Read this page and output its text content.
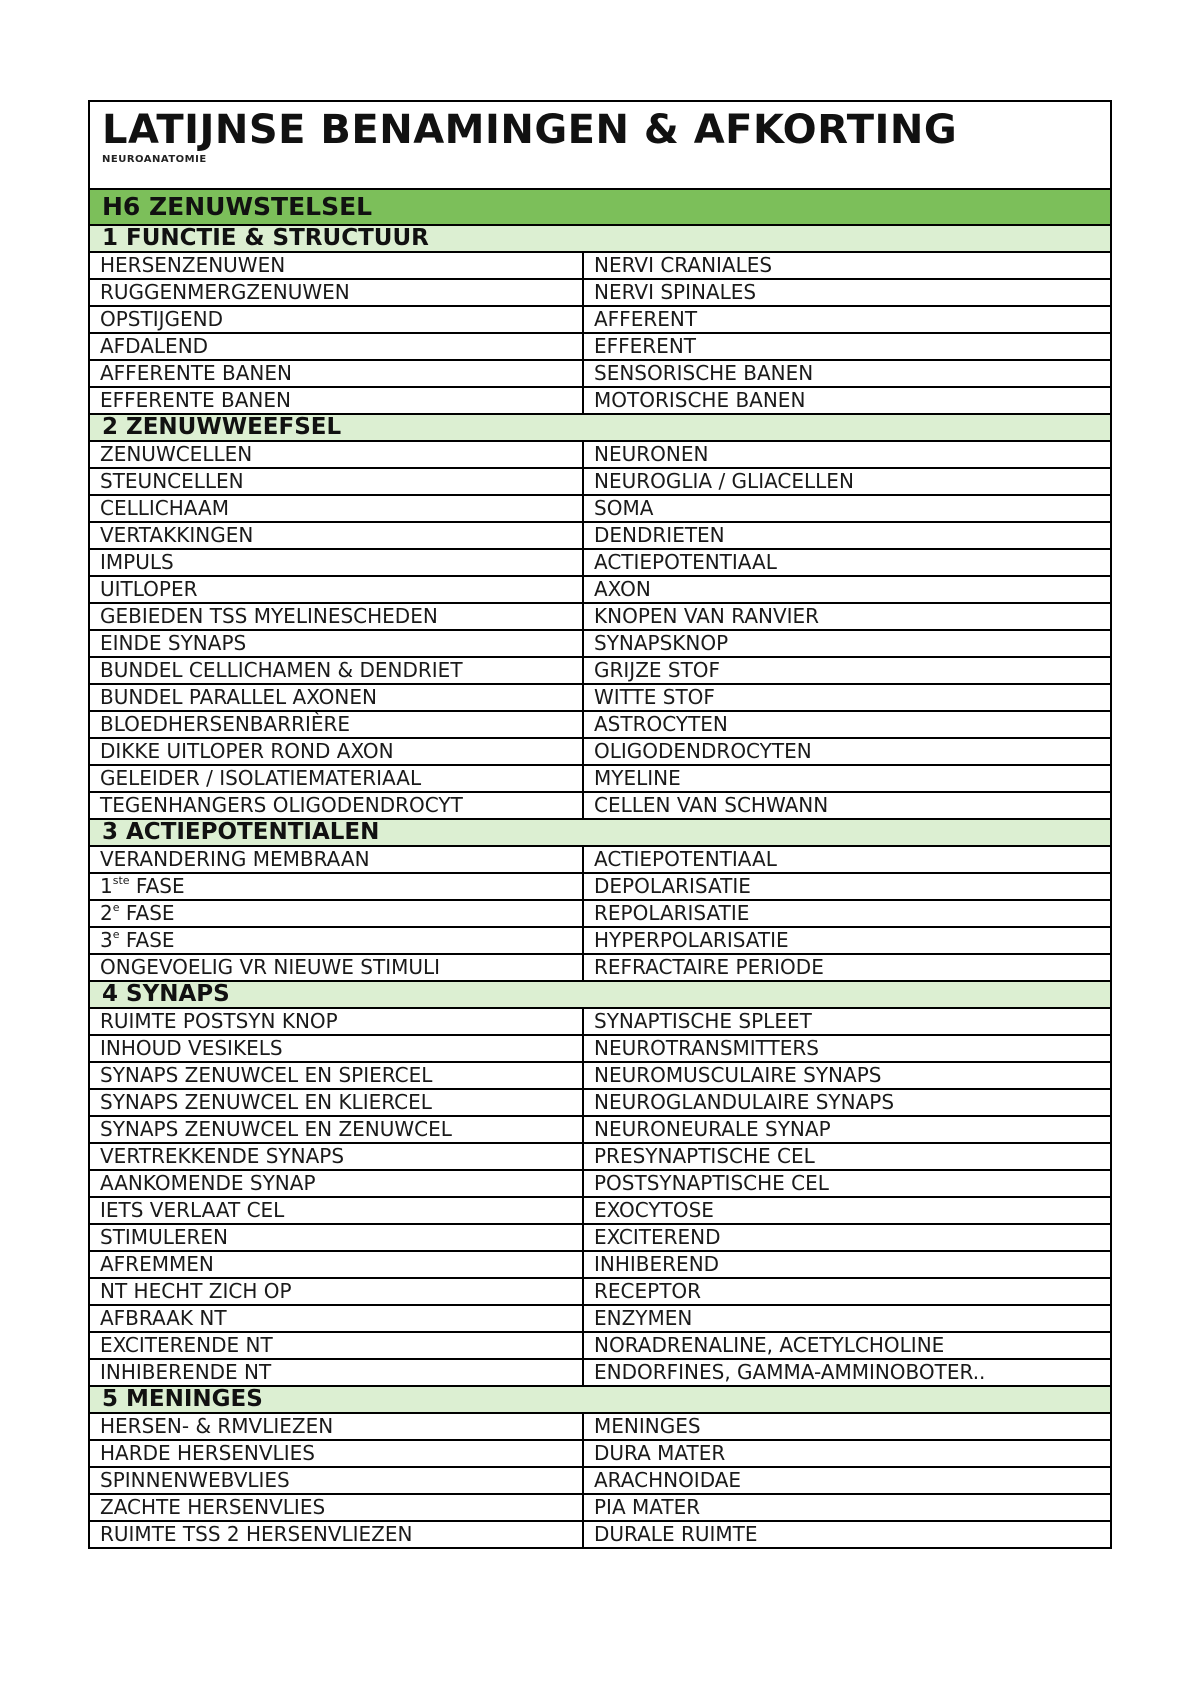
LATIJNSE BENAMINGEN & AFKORTING
NEUROANATOMIE
H6 ZENUWSTELSEL
1 FUNCTIE & STRUCTUUR
HERSENZENUWEN	NERVI CRANIALES
RUGGENMERGZENUWEN	NERVI SPINALES
OPSTIJGEND	AFFERENT
AFDALEND	EFFERENT
AFFERENTE BANEN	SENSORISCHE BANEN
EFFERENTE BANEN	MOTORISCHE BANEN
2 ZENUWWEEFSEL
ZENUWCELLEN	NEURONEN
STEUNCELLEN	NEUROGLIA / GLIACELLEN
CELLICHAAM	SOMA
VERTAKKINGEN	DENDRIETEN
IMPULS	ACTIEPOTENTIAAL
UITLOPER	AXON
GEBIEDEN TSS MYELINESCHEDEN	KNOPEN VAN RANVIER
EINDE SYNAPS	SYNAPSKNOP
BUNDEL CELLICHAMEN & DENDRIET	GRIJZE STOF
BUNDEL PARALLEL AXONEN	WITTE STOF
BLOEDHERSENBARRIÈRE	ASTROCYTEN
DIKKE UITLOPER ROND AXON	OLIGODENDROCYTEN
GELEIDER / ISOLATIEMATERIAAL	MYELINE
TEGENHANGERS OLIGODENDROCYT	CELLEN VAN SCHWANN
3 ACTIEPOTENTIALEN
VERANDERING MEMBRAAN	ACTIEPOTENTIAAL
1ste FASE	DEPOLARISATIE
2e FASE	REPOLARISATIE
3e FASE	HYPERPOLARISATIE
ONGEVOELIG VR NIEUWE STIMULI	REFRACTAIRE PERIODE
4 SYNAPS
RUIMTE POSTSYN KNOP	SYNAPTISCHE SPLEET
INHOUD VESIKELS	NEUROTRANSMITTERS
SYNAPS ZENUWCEL EN SPIERCEL	NEUROMUSCULAIRE SYNAPS
SYNAPS ZENUWCEL EN KLIERCEL	NEUROGLANDULAIRE SYNAPS
SYNAPS ZENUWCEL EN ZENUWCEL	NEURONEURALE SYNAP
VERTREKKENDE SYNAPS	PRESYNAPTISCHE CEL
AANKOMENDE SYNAP	POSTSYNAPTISCHE CEL
IETS VERLAAT CEL	EXOCYTOSE
STIMULEREN	EXCITEREND
AFREMMEN	INHIBEREND
NT HECHT ZICH OP	RECEPTOR
AFBRAAK NT	ENZYMEN
EXCITERENDE NT	NORADRENALINE, ACETYLCHOLINE
INHIBERENDE NT	ENDORFINES, GAMMA-AMMINOBOTER..
5 MENINGES
HERSEN- & RMVLIEZEN	MENINGES
HARDE HERSENVLIES	DURA MATER
SPINNENWEBVLIES	ARACHNOIDAE
ZACHTE HERSENVLIES	PIA MATER
RUIMTE TSS 2 HERSENVLIEZEN	DURALE RUIMTE
